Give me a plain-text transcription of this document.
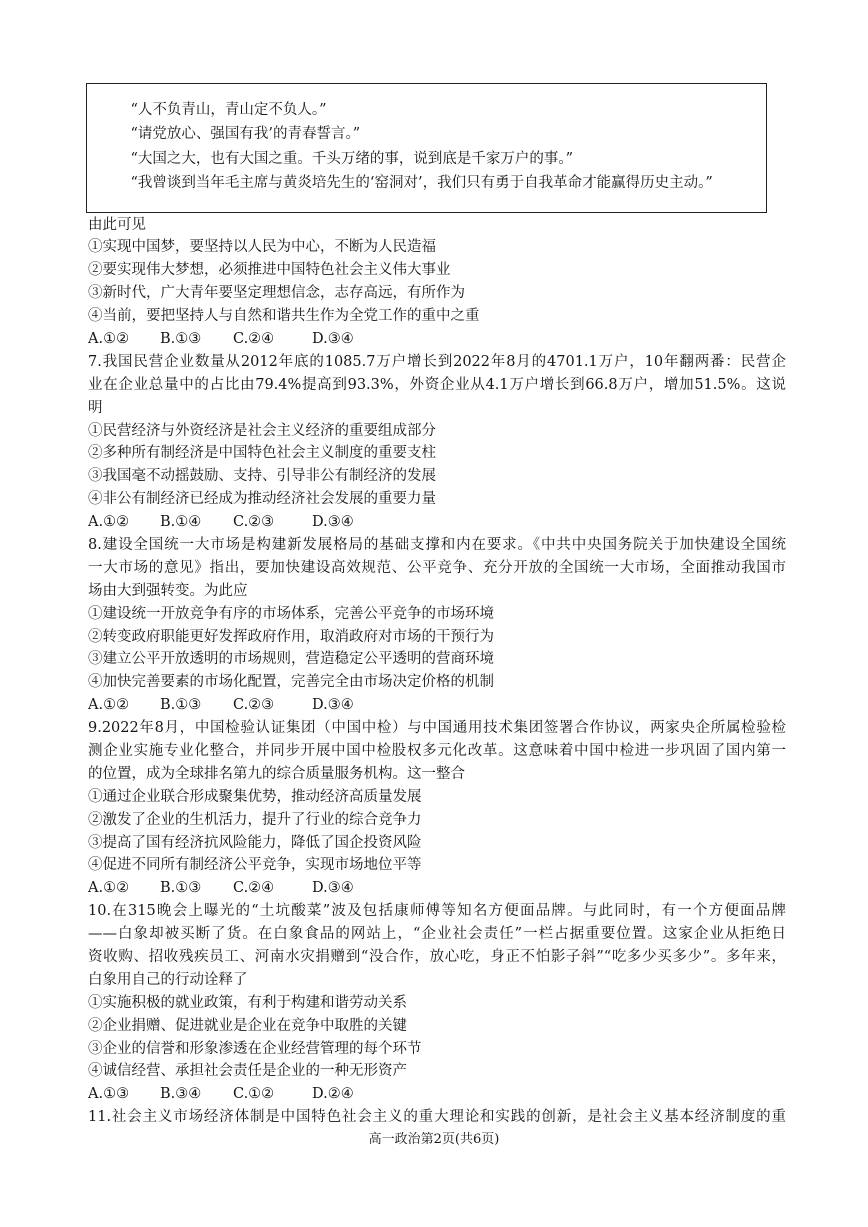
“人不负青山，青山定不负人。”
“请党放心、强国有我’的青春誓言。”
“大国之大，也有大国之重。千头万绪的事，说到底是千家万户的事。”
“我曾谈到当年毛主席与黄炎培先生的‘窑洞对’，我们只有勇于自我革命才能赢得历史主动。”
由此可见
①实现中国梦，要坚持以人民为中心，不断为人民造福
②要实现伟大梦想，必须推进中国特色社会主义伟大事业
③新时代，广大青年要坚定理想信念，志存高远，有所作为
④当前，要把坚持人与自然和谐共生作为全党工作的重中之重
A.①② B.①③ C.②④	D.③④
7.我国民营企业数量从2012年底的1085.7万户增长到2022年8月的4701.1万户，10年翻两番：民营企
业在企业总量中的占比由79.4%提高到93.3%，外资企业从4.1万户增长到66.8万户，增加51.5%。这说
明
①民营经济与外资经济是社会主义经济的重要组成部分
②多种所有制经济是中国特色社会主义制度的重要支柱
③我国毫不动摇鼓励、支持、引导非公有制经济的发展
④非公有制经济已经成为推动经济社会发展的重要力量
A.①② B.①④ C.②③	D.③④
8.建设全国统一大市场是构建新发展格局的基础支撑和内在要求。《中共中央国务院关于加快建设全国统
一大市场的意见》指出，要加快建设高效规范、公平竞争、充分开放的全国统一大市场，全面推动我国市
场由大到强转变。为此应
①建设统一开放竞争有序的市场体系，完善公平竞争的市场环境
②转变政府职能更好发挥政府作用，取消政府对市场的干预行为
③建立公平开放透明的市场规则，营造稳定公平透明的营商环境
④加快完善要素的市场化配置，完善完全由市场决定价格的机制
A.①② B.①③ C.②③	D.③④
9.2022年8月，中国检验认证集团（中国中检）与中国通用技术集团签署合作协议，两家央企所属检验检
测企业实施专业化整合，并同步开展中国中检股权多元化改革。这意味着中国中检进一步巩固了国内第一
的位置，成为全球排名第九的综合质量服务机构。这一整合
①通过企业联合形成聚集优势，推动经济高质量发展
②激发了企业的生机活力，提升了行业的综合竞争力
③提高了国有经济抗风险能力，降低了国企投资风险
④促进不同所有制经济公平竞争，实现市场地位平等
A.①② B.①③ C.②④	D.③④
10.在315晚会上曝光的“土坑酸菜”波及包括康师傅等知名方便面品牌。与此同时，有一个方便面品牌
——白象却被买断了货。在白象食品的网站上，“企业社会责任”一栏占据重要位置。这家企业从拒绝日
资收购、招收残疾员工、河南水灾捐赠到“没合作，放心吃，身正不怕影子斜”“吃多少买多少”。多年来，
白象用自己的行动诠释了
①实施积极的就业政策，有利于构建和谐劳动关系
②企业捐赠、促进就业是企业在竞争中取胜的关键
③企业的信誉和形象渗透在企业经营管理的每个环节
④诚信经营、承担社会责任是企业的一种无形资产
A.①③ B.③④ C.①②	D.②④
11.社会主义市场经济体制是中国特色社会主义的重大理论和实践的创新，是社会主义基本经济制度的重
高一政治第2页(共6页)
